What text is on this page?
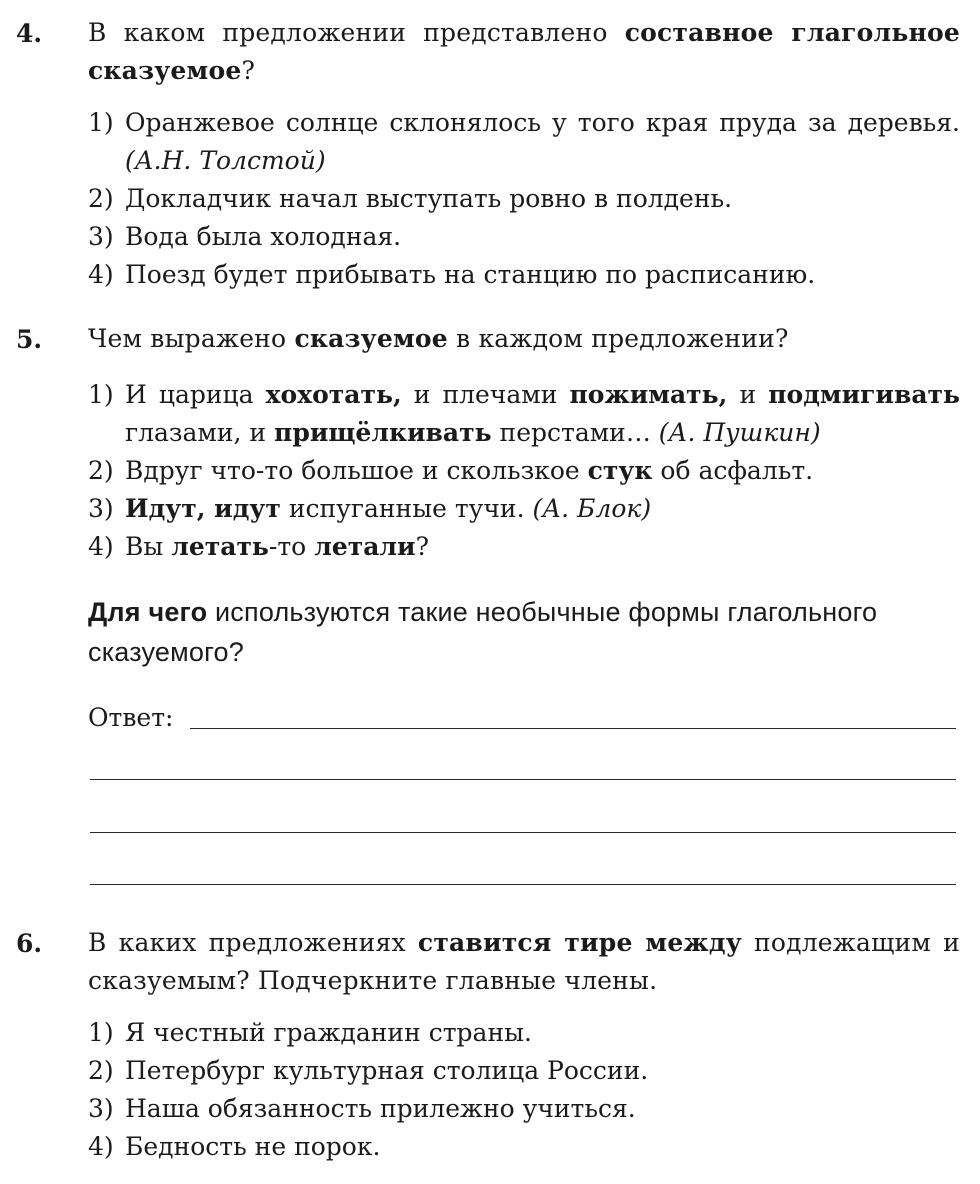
4. В каком предложении представлено составное глагольное сказуемое?
1) Оранжевое солнце склонялось у того края пруда за деревья. (А.Н. Толстой)
2) Докладчик начал выступать ровно в полдень.
3) Вода была холодная.
4) Поезд будет прибывать на станцию по расписанию.
5. Чем выражено сказуемое в каждом предложении?
1) И царица хохотать, и плечами пожимать, и подмигивать глазами, и прищёлкивать перстами… (А. Пушкин)
2) Вдруг что-то большое и скользкое стук об асфальт.
3) Идут, идут испуганные тучи. (А. Блок)
4) Вы летать-то летали?
Для чего используются такие необычные формы глагольного сказуемого?
Ответ:
6. В каких предложениях ставится тире между подлежащим и сказуемым? Подчеркните главные члены.
1) Я честный гражданин страны.
2) Петербург культурная столица России.
3) Наша обязанность прилежно учиться.
4) Бедность не порок.
